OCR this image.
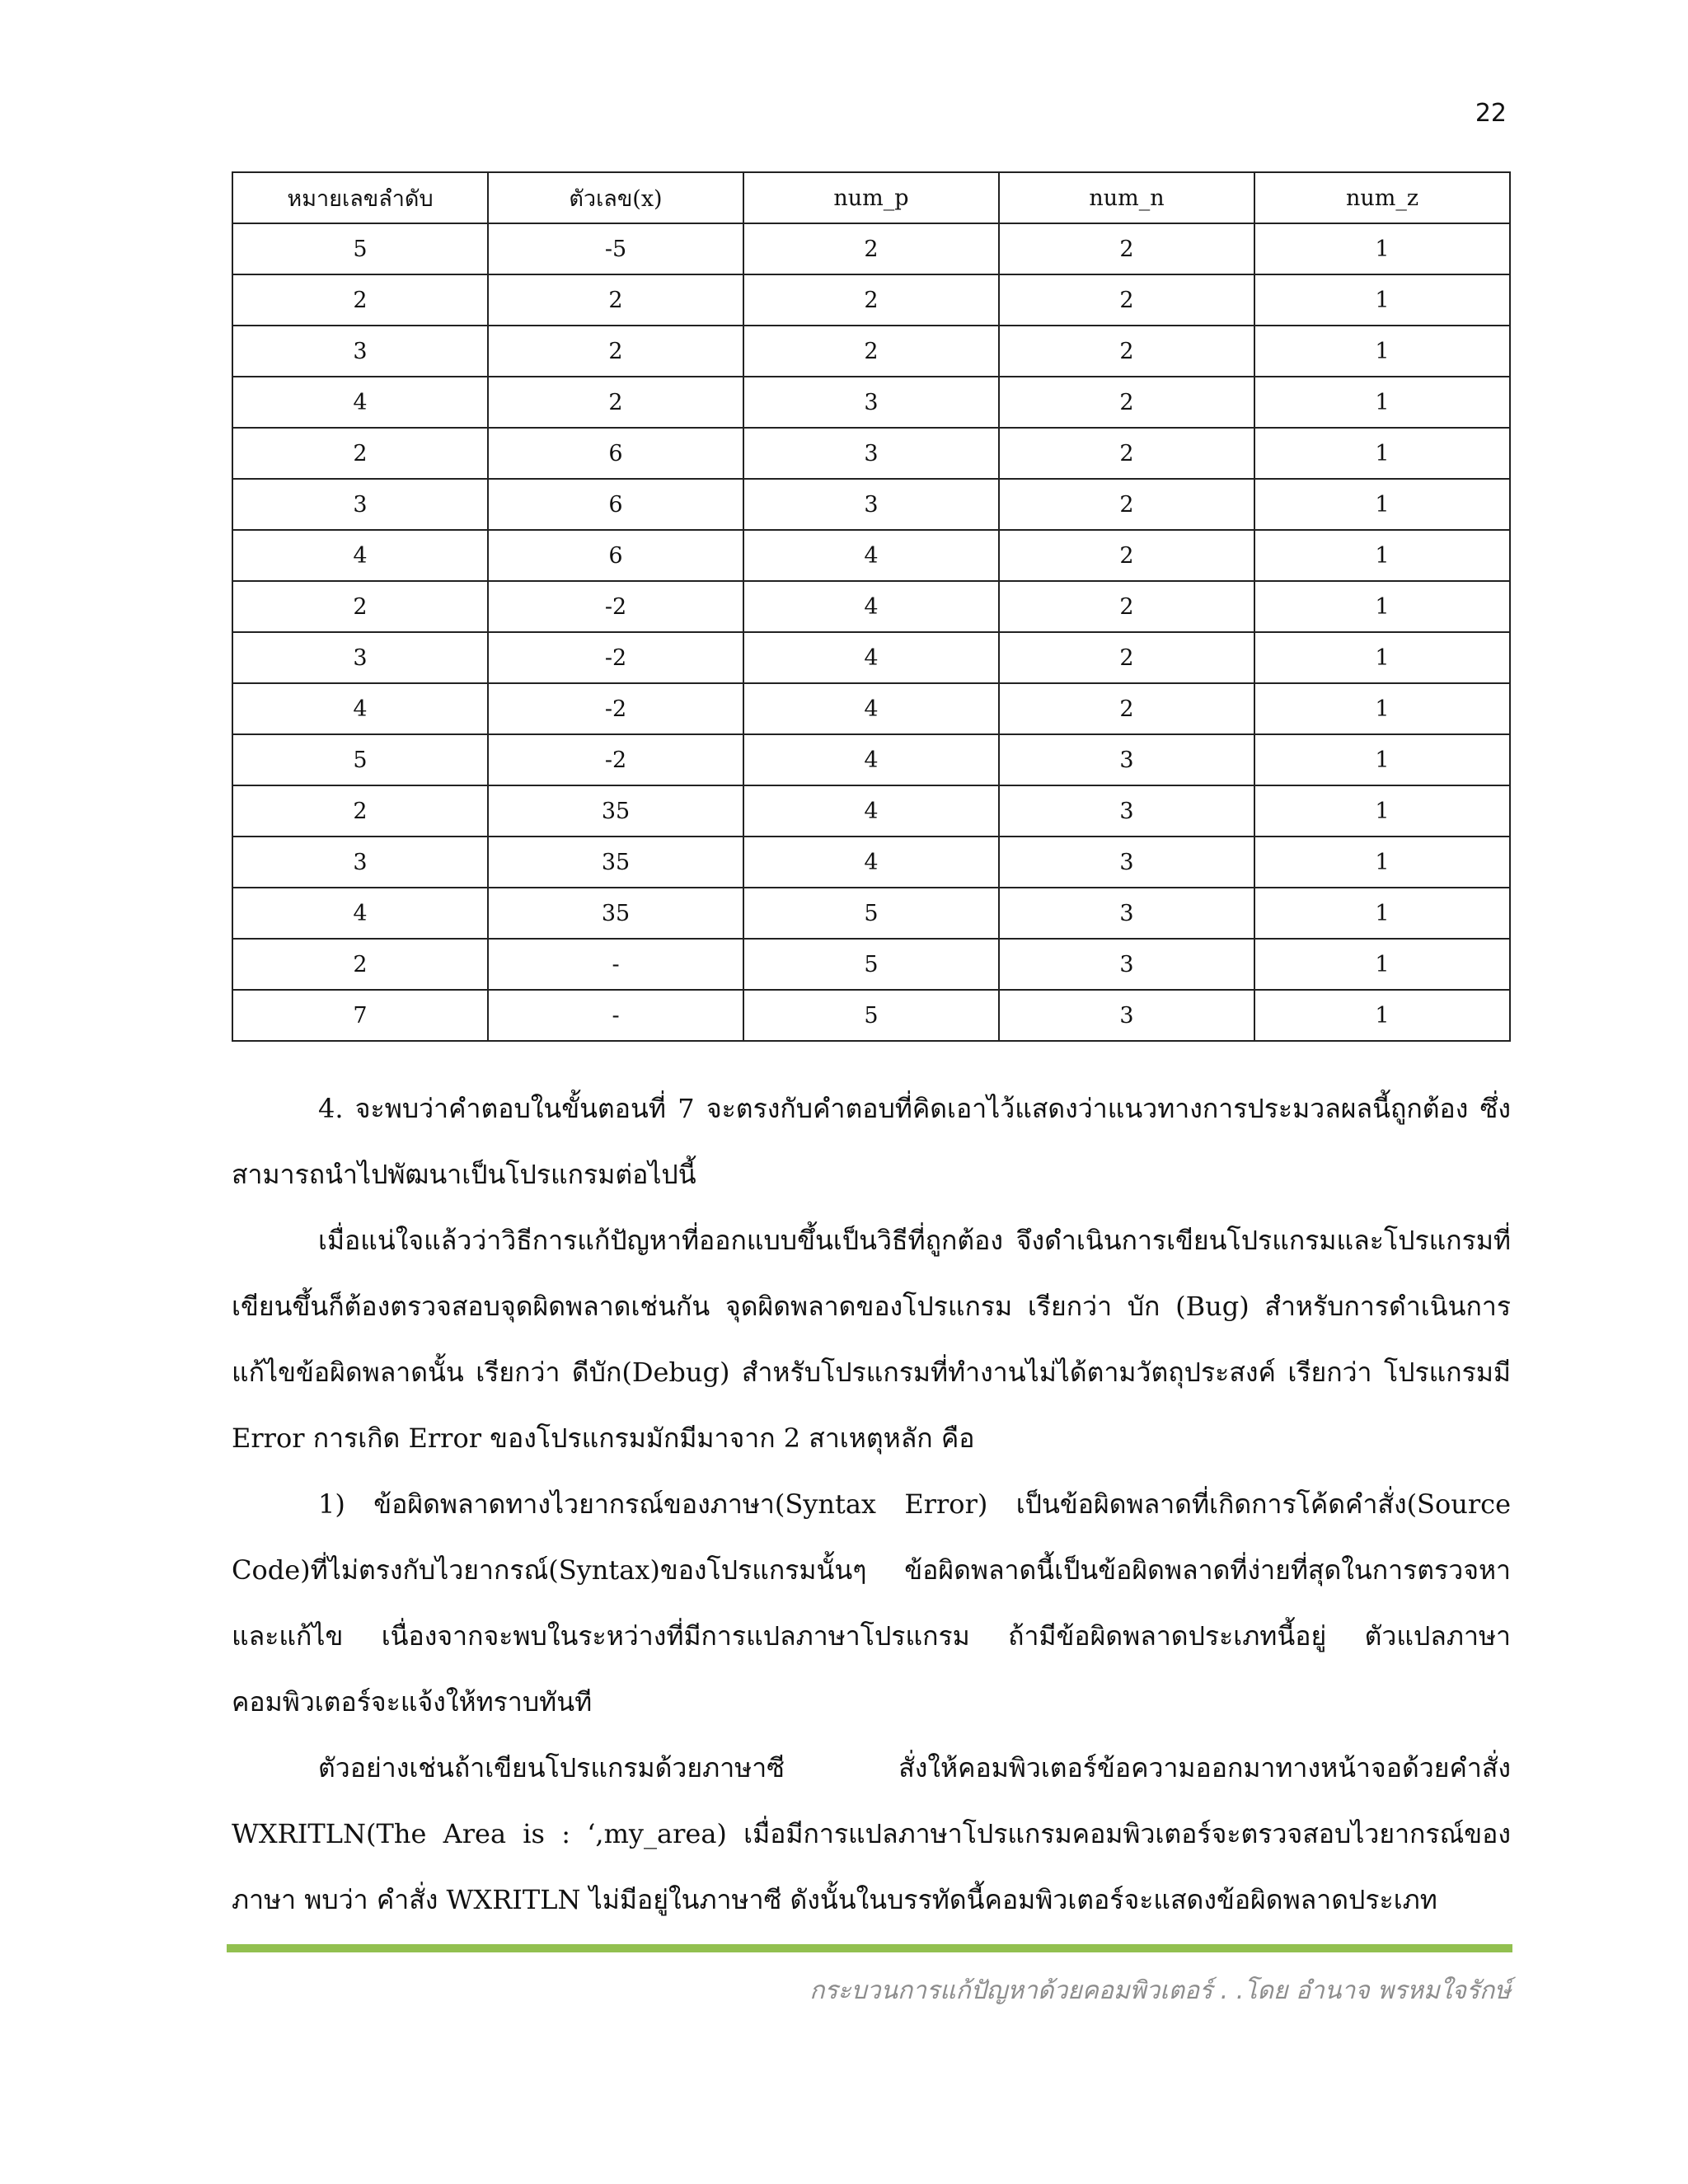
22
หมายเลขลำดับ	ตัวเลข(x)	num_p	num_n	num_z
5	-5	2	2	1
2	2	2	2	1
3	2	2	2	1
4	2	3	2	1
2	6	3	2	1
3	6	3	2	1
4	6	4	2	1
2	-2	4	2	1
3	-2	4	2	1
4	-2	4	2	1
5	-2	4	3	1
2	35	4	3	1
3	35	4	3	1
4	35	5	3	1
2	-	5	3	1
7	-	5	3	1

4. จะพบว่าคำตอบในขั้นตอนที่ 7 จะตรงกับคำตอบที่คิดเอาไว้แสดงว่าแนวทางการประมวลผลนี้ถูกต้อง ซึ่งสามารถนำไปพัฒนาเป็นโปรแกรมต่อไปนี้

เมื่อแน่ใจแล้วว่าวิธีการแก้ปัญหาที่ออกแบบขึ้นเป็นวิธีที่ถูกต้อง จึงดำเนินการเขียนโปรแกรมและโปรแกรมที่เขียนขึ้นก็ต้องตรวจสอบจุดผิดพลาดเช่นกัน จุดผิดพลาดของโปรแกรม เรียกว่า บัก (Bug) สำหรับการดำเนินการแก้ไขข้อผิดพลาดนั้น เรียกว่า ดีบัก(Debug) สำหรับโปรแกรมที่ทำงานไม่ได้ตามวัตถุประสงค์ เรียกว่า โปรแกรมมี Error การเกิด Error ของโปรแกรมมักมีมาจาก 2 สาเหตุหลัก คือ

1) ข้อผิดพลาดทางไวยากรณ์ของภาษา(Syntax Error) เป็นข้อผิดพลาดที่เกิดการโค้ดคำสั่ง(Source Code)ที่ไม่ตรงกับไวยากรณ์(Syntax)ของโปรแกรมนั้นๆ ข้อผิดพลาดนี้เป็นข้อผิดพลาดที่ง่ายที่สุดในการตรวจหาและแก้ไข เนื่องจากจะพบในระหว่างที่มีการแปลภาษาโปรแกรม ถ้ามีข้อผิดพลาดประเภทนี้อยู่ ตัวแปลภาษา คอมพิวเตอร์จะแจ้งให้ทราบทันที

ตัวอย่างเช่นถ้าเขียนโปรแกรมด้วยภาษาซี สั่งให้คอมพิวเตอร์ข้อความออกมาทางหน้าจอด้วยคำสั่ง WXRITLN(The Area is : ‘,my_area) เมื่อมีการแปลภาษาโปรแกรมคอมพิวเตอร์จะตรวจสอบไวยากรณ์ของภาษา พบว่า คำสั่ง WXRITLN ไม่มีอยู่ในภาษาซี ดังนั้นในบรรทัดนี้คอมพิวเตอร์จะแสดงข้อผิดพลาดประเภท

กระบวนการแก้ปัญหาด้วยคอมพิวเตอร์ . .โดย อำนาจ พรหมใจรักษ์
